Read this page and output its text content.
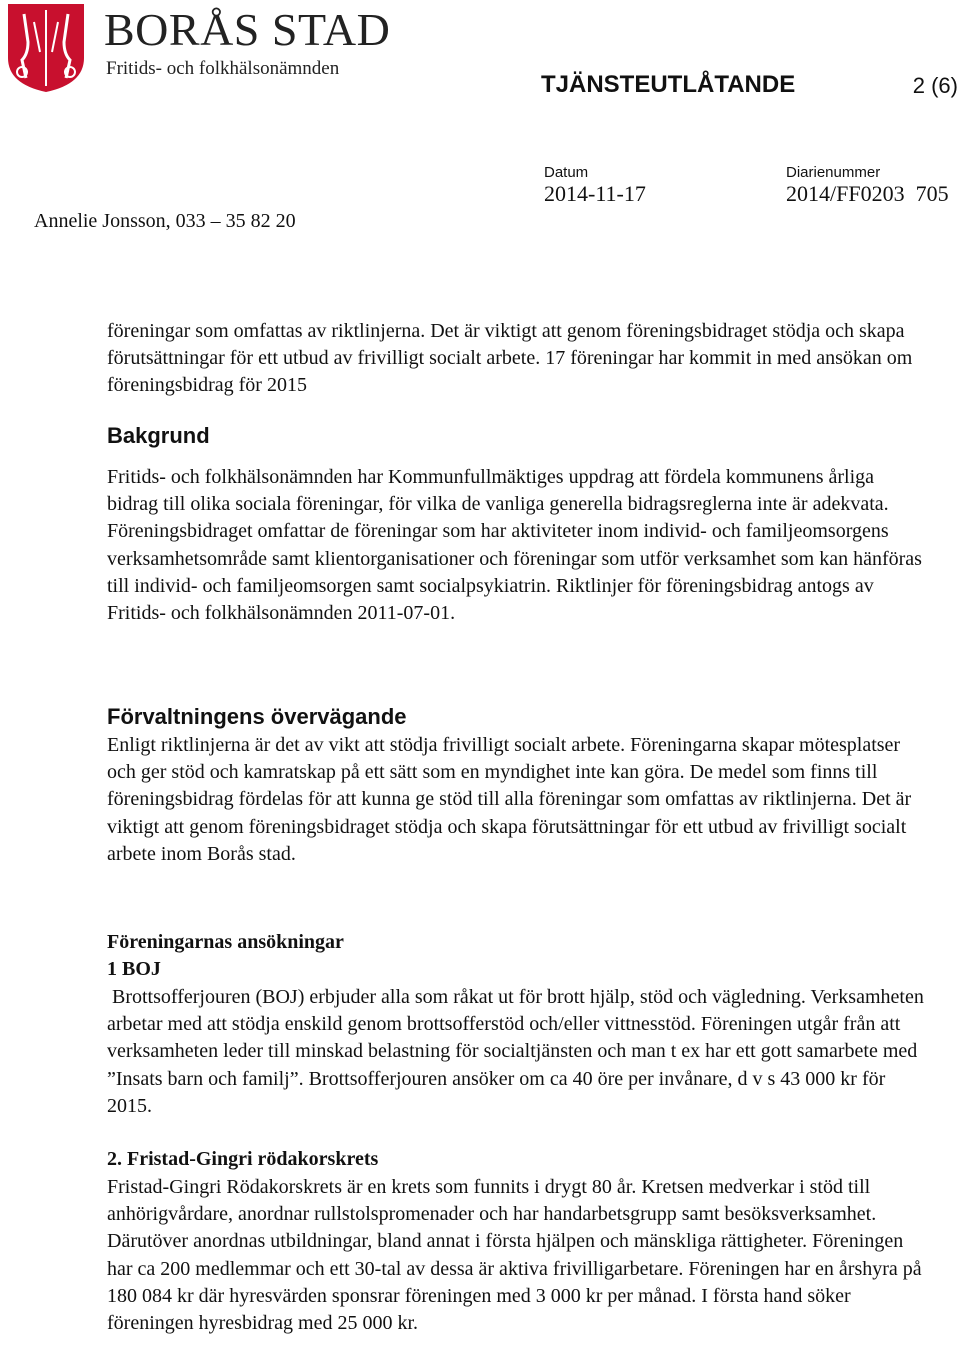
BORÅS STAD
Fritids- och folkhälsonämnden
TJÄNSTEUTLÅTANDE	2 (6)
Datum
2014-11-17
Diarienummer
2014/FF0203  705
Annelie Jonsson, 033 – 35 82 20

föreningar som omfattas av riktlinjerna. Det är viktigt att genom föreningsbidraget stödja och skapa förutsättningar för ett utbud av frivilligt socialt arbete. 17 föreningar har kommit in med ansökan om föreningsbidrag för 2015

Bakgrund

Fritids- och folkhälsonämnden har Kommunfullmäktiges uppdrag att fördela kommunens årliga bidrag till olika sociala föreningar, för vilka de vanliga generella bidragsreglerna inte är adekvata. Föreningsbidraget omfattar de föreningar som har aktiviteter inom individ- och familjeomsorgens verksamhetsområde samt klientorganisationer och föreningar som utför verksamhet som kan hänföras till individ- och familjeomsorgen samt socialpsykiatrin. Riktlinjer för föreningsbidrag antogs av Fritids- och folkhälsonämnden 2011-07-01.

Förvaltningens övervägande

Enligt riktlinjerna är det av vikt att stödja frivilligt socialt arbete. Föreningarna skapar mötesplatser och ger stöd och kamratskap på ett sätt som en myndighet inte kan göra. De medel som finns till föreningsbidrag fördelas för att kunna ge stöd till alla föreningar som omfattas av riktlinjerna. Det är viktigt att genom föreningsbidraget stödja och skapa förutsättningar för ett utbud av frivilligt socialt arbete inom Borås stad.

Föreningarnas ansökningar
1 BOJ

Brottsofferjouren (BOJ) erbjuder alla som råkat ut för brott hjälp, stöd och vägledning. Verksamheten arbetar med att stödja enskild genom brottsofferstöd och/eller vittnesstöd. Föreningen utgår från att verksamheten leder till minskad belastning för socialtjänsten och man t ex har ett gott samarbete med ”Insats barn och familj”. Brottsofferjouren ansöker om ca 40 öre per invånare, d v s 43 000 kr för 2015.

2. Fristad-Gingri rödakorskrets

Fristad-Gingri Rödakorskrets är en krets som funnits i drygt 80 år. Kretsen medverkar i stöd till anhörigvårdare, anordnar rullstolspromenader och har handarbetsgrupp samt besöksverksamhet. Därutöver anordnas utbildningar, bland annat i första hjälpen och mänskliga rättigheter. Föreningen har ca 200 medlemmar och ett 30-tal av dessa är aktiva frivilligarbetare. Föreningen har en årshyra på 180 084 kr där hyresvärden sponsrar föreningen med 3 000 kr per månad. I första hand söker föreningen hyresbidrag med 25 000 kr.
